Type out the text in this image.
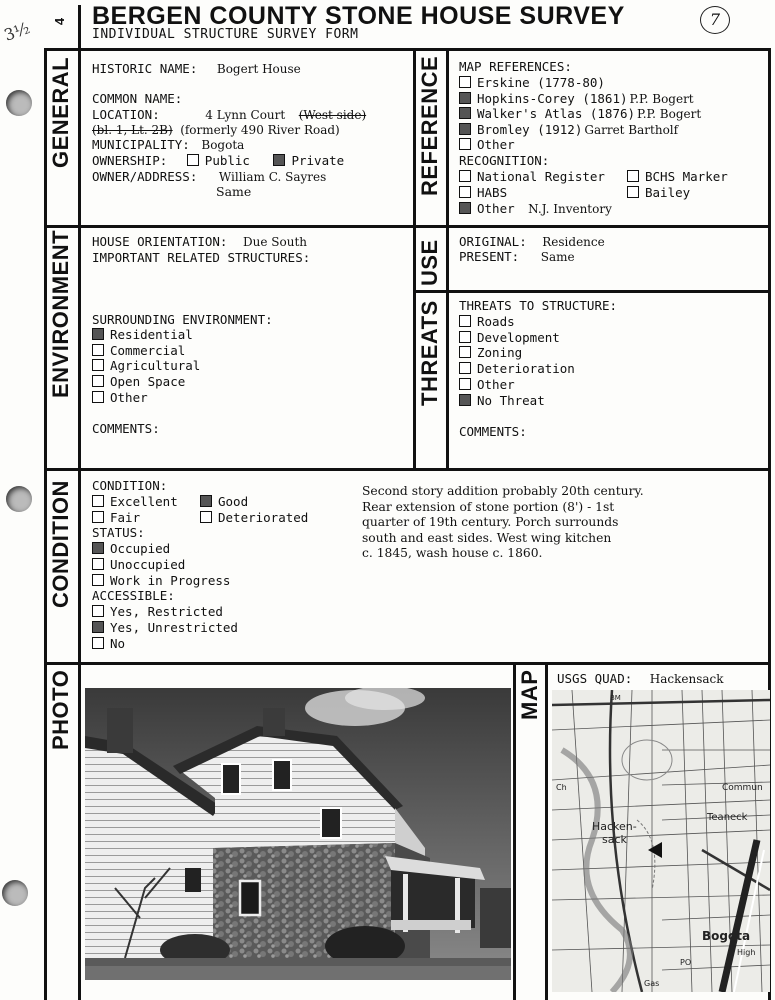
3½ 4 BERGEN COUNTY STONE HOUSE SURVEY
INDIVIDUAL STRUCTURE SURVEY FORM
7
GENERAL	REFERENCE
ENVIRONMENT	USE
THREATS
CONDITION
PHOTO	MAP
HISTORIC NAME: Bogert House
COMMON NAME:
LOCATION:	4 Lynn Court (West side)
(bl. 1, Lt. 2B) (formerly 490 River Road)
MUNICIPALITY: Bogota
OWNERSHIP:	Public	Private
OWNER/ADDRESS: William C. Sayres
Same
MAP REFERENCES:
Erskine (1778-80)
Hopkins-Corey (1861) P.P. Bogert
Walker's Atlas (1876) P.P. Bogert
Bromley (1912) Garret Bartholf
Other
RECOGNITION:
National Register	BCHS Marker
HABS	Bailey
Other N.J. Inventory
HOUSE ORIENTATION: Due South
IMPORTANT RELATED STRUCTURES:
SURROUNDING ENVIRONMENT:
Residential
Commercial
Agricultural
Open Space
Other
COMMENTS:
ORIGINAL: Residence
PRESENT: Same
THREATS TO STRUCTURE:
Roads
Development
Zoning
Deterioration
Other
No Threat
COMMENTS:
CONDITION:
Excellent	Good
Fair	Deteriorated
STATUS:
Occupied
Unoccupied
Work in Progress
ACCESSIBLE:
Yes, Restricted
Yes, Unrestricted
No
Second story addition probably 20th century.
Rear extension of stone portion (8') - 1st
quarter of 19th century. Porch surrounds
south and east sides. West wing kitchen
c. 1845, wash house c. 1860.
USGS QUAD: Hackensack
Hacken-
sack
Teaneck
Commun
BM
Bogota
Ch
Gas
PO
High
